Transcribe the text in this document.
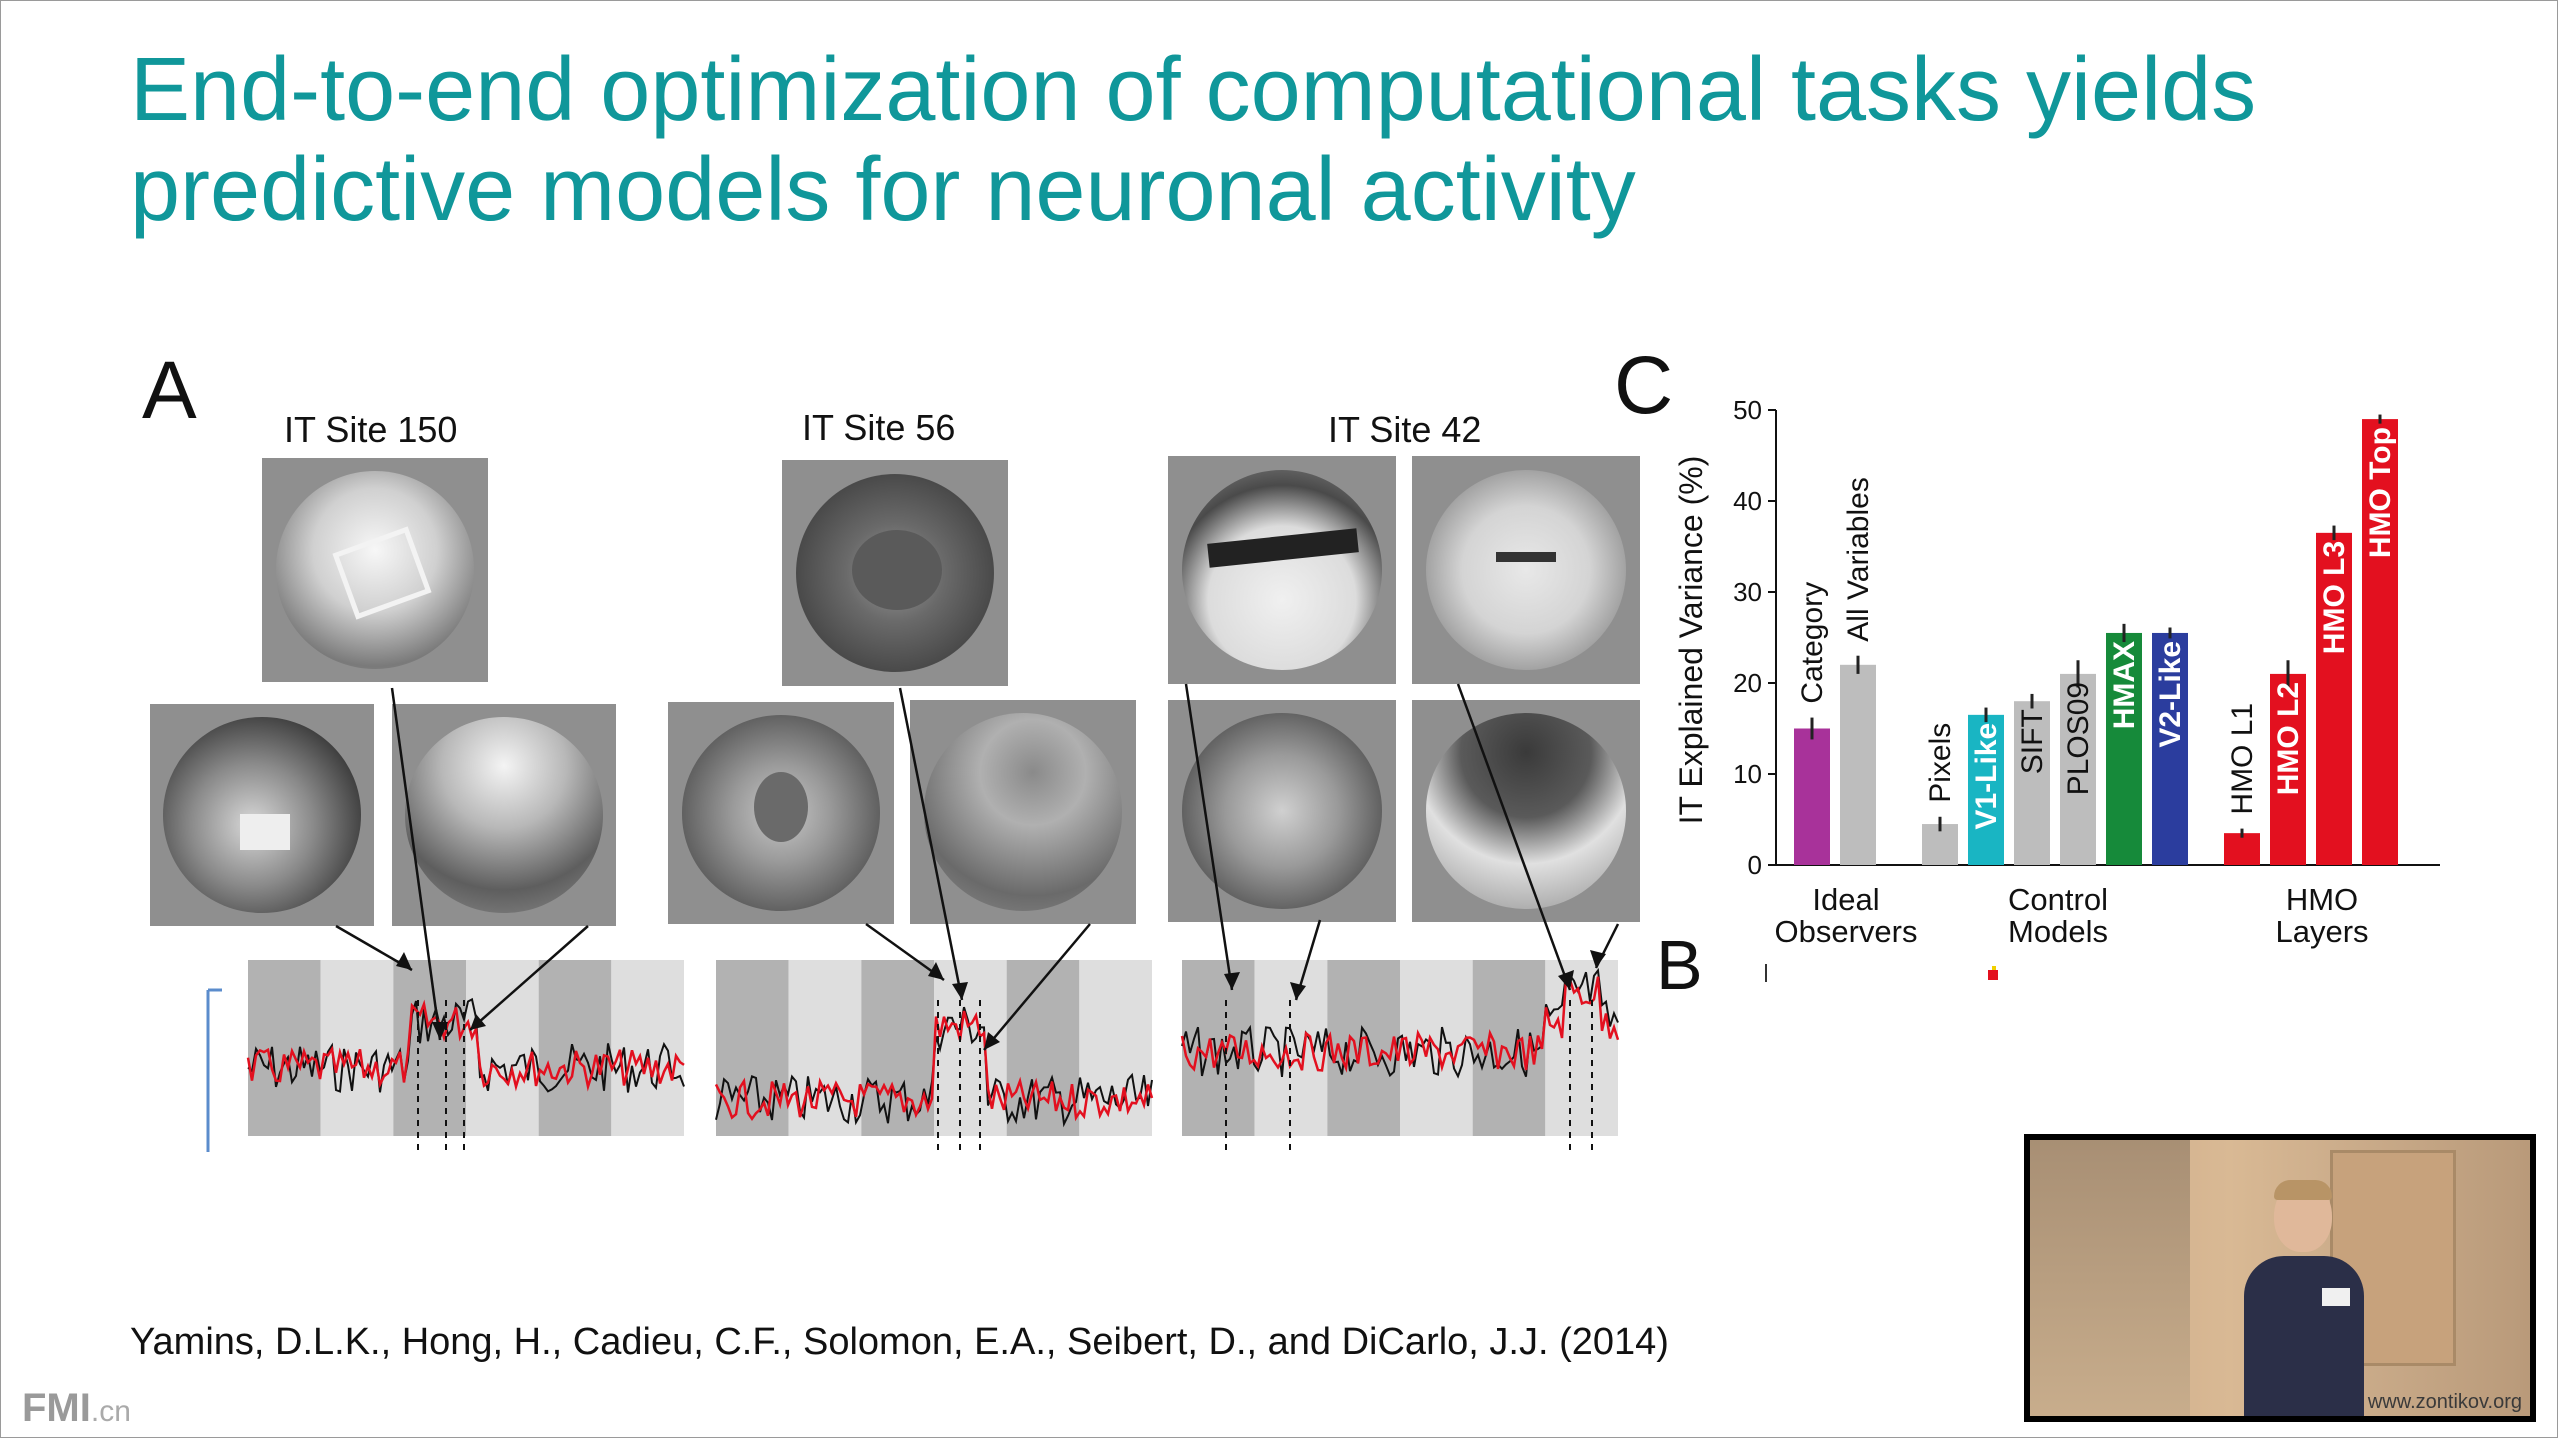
End-to-end optimization of computational tasks yields
predictive models for neuronal activity
A IT Site 150	IT Site 56	IT Site 42 C
B
IT Explained Variance (%)
0
10
20
30
40
50
Category
All Variables
Pixels V1-Like SIFT PLOS09 HMAX V2-Like
HMO L1 HMO L2
HMO L3
HMO Top
Ideal
Observers
Control
Models
HMO
Layers
Yamins, D.L.K., Hong, H., Cadieu, C.F., Solomon, E.A., Seibert, D., and DiCarlo, J.J. (2014)
FMI.cn	www.zontikov.org
